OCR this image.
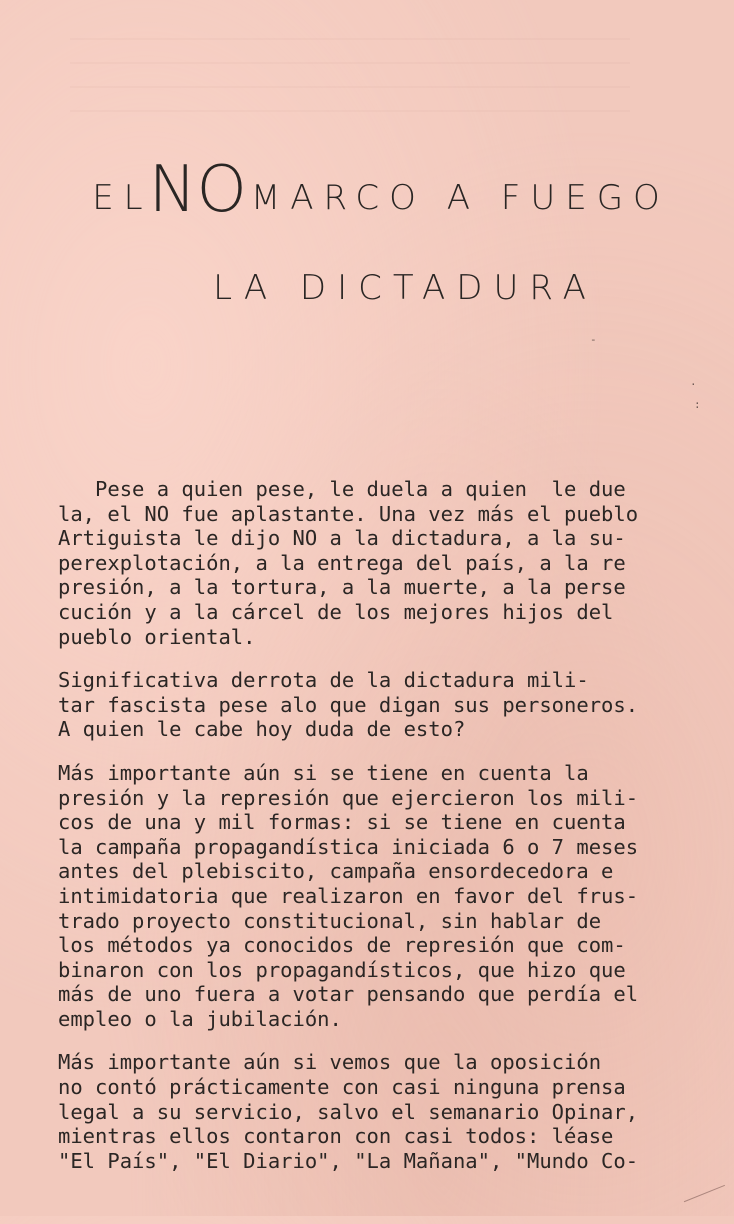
ELNO MARCO A FUEGO
LA DICTADURA
·
:
-

Pese a quien pese, le duela a quien  le due
la, el NO fue aplastante. Una vez más el pueblo
Artiguista le dijo NO a la dictadura, a la su-
perexplotación, a la entrega del país, a la re
presión, a la tortura, a la muerte, a la perse
cución y a la cárcel de los mejores hijos del
pueblo oriental.

Significativa derrota de la dictadura mili-
tar fascista pese alo que digan sus personeros.
A quien le cabe hoy duda de esto?

Más importante aún si se tiene en cuenta la
presión y la represión que ejercieron los mili-
cos de una y mil formas: si se tiene en cuenta
la campaña propagandística iniciada 6 o 7 meses
antes del plebiscito, campaña ensordecedora e
intimidatoria que realizaron en favor del frus-
trado proyecto constitucional, sin hablar de
los métodos ya conocidos de represión que com-
binaron con los propagandísticos, que hizo que
más de uno fuera a votar pensando que perdía el
empleo o la jubilación.

Más importante aún si vemos que la oposición
no contó prácticamente con casi ninguna prensa
legal a su servicio, salvo el semanario Opinar,
mientras ellos contaron con casi todos: léase
"El País", "El Diario", "La Mañana", "Mundo Co-
